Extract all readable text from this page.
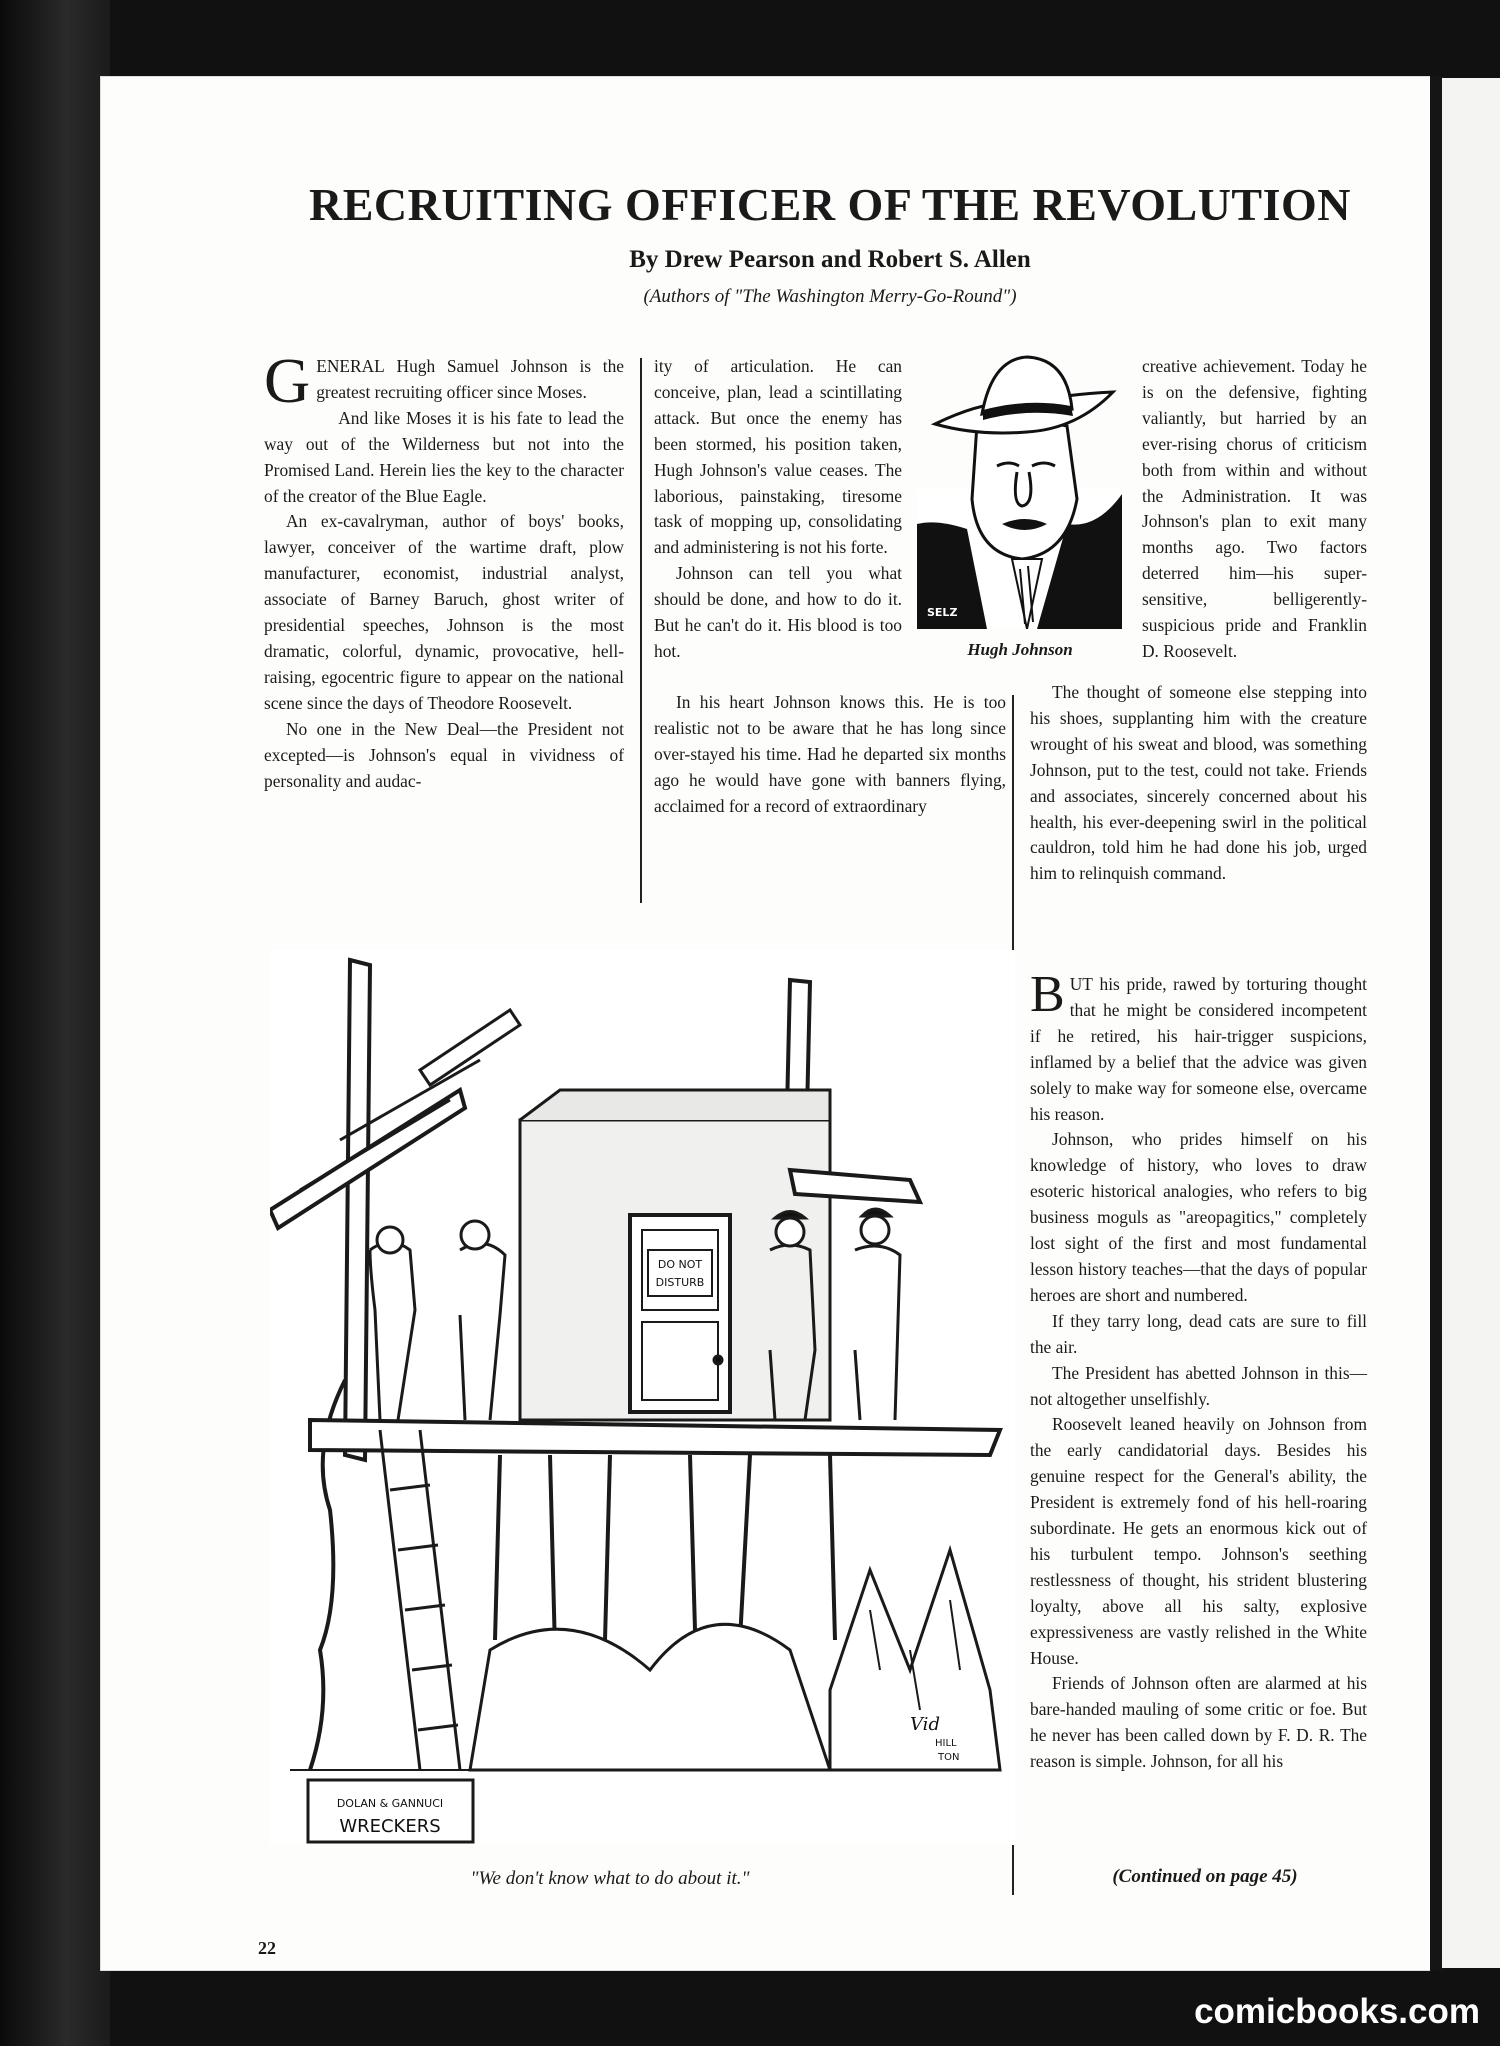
RECRUITING OFFICER OF THE REVOLUTION

By Drew Pearson and Robert S. Allen

(Authors of "The Washington Merry-Go-Round")

GENERAL Hugh Samuel Johnson is the greatest recruiting officer since Moses.

And like Moses it is his fate to lead the way out of the Wilderness but not into the Promised Land. Herein lies the key to the character of the creator of the Blue Eagle.

An ex-cavalryman, author of boys' books, lawyer, conceiver of the wartime draft, plow manufacturer, economist, industrial analyst, associate of Barney Baruch, ghost writer of presidential speeches, Johnson is the most dramatic, colorful, dynamic, provocative, hell-raising, egocentric figure to appear on the national scene since the days of Theodore Roosevelt.

No one in the New Deal—the President not excepted—is Johnson's equal in vividness of personality and audac-

ity of articulation. He can conceive, plan, lead a scintillating attack. But once the enemy has been stormed, his position taken, Hugh Johnson's value ceases. The laborious, painstaking, tiresome task of mopping up, consolidating and administering is not his forte.

Johnson can tell you what should be done, and how to do it. But he can't do it. His blood is too hot.

In his heart Johnson knows this. He is too realistic not to be aware that he has long since over-stayed his time. Had he departed six months ago he would have gone with banners flying, acclaimed for a record of extraordinary

SELZ

Hugh Johnson

creative achievement. Today he is on the defensive, fighting valiantly, but harried by an ever-rising chorus of criticism both from within and without the Administration. It was Johnson's plan to exit many months ago. Two factors deterred him—his super-sensitive, belligerently-suspicious pride and Franklin D. Roosevelt.

The thought of someone else stepping into his shoes, supplanting him with the creature wrought of his sweat and blood, was something Johnson, put to the test, could not take. Friends and associates, sincerely concerned about his health, his ever-deepening swirl in the political cauldron, told him he had done his job, urged him to relinquish command.

BUT his pride, rawed by torturing thought that he might be considered incompetent if he retired, his hair-trigger suspicions, inflamed by a belief that the advice was given solely to make way for someone else, overcame his reason.

Johnson, who prides himself on his knowledge of history, who loves to draw esoteric historical analogies, who refers to big business moguls as "areopagitics," completely lost sight of the first and most fundamental lesson history teaches—that the days of popular heroes are short and numbered.

If they tarry long, dead cats are sure to fill the air.

The President has abetted Johnson in this—not altogether unselfishly.

Roosevelt leaned heavily on Johnson from the early candidatorial days. Besides his genuine respect for the General's ability, the President is extremely fond of his hell-roaring subordinate. He gets an enormous kick out of his turbulent tempo. Johnson's seething restlessness of thought, his strident blustering loyalty, above all his salty, explosive expressiveness are vastly relished in the White House.

Friends of Johnson often are alarmed at his bare-handed mauling of some critic or foe. But he never has been called down by F. D. R. The reason is simple. Johnson, for all his

(Continued on page 45)

DO NOT
DISTURB
Vid
HILL
TON
DOLAN & GANNUCI
WRECKERS

"We don't know what to do about it."

22

comicbooks.com
